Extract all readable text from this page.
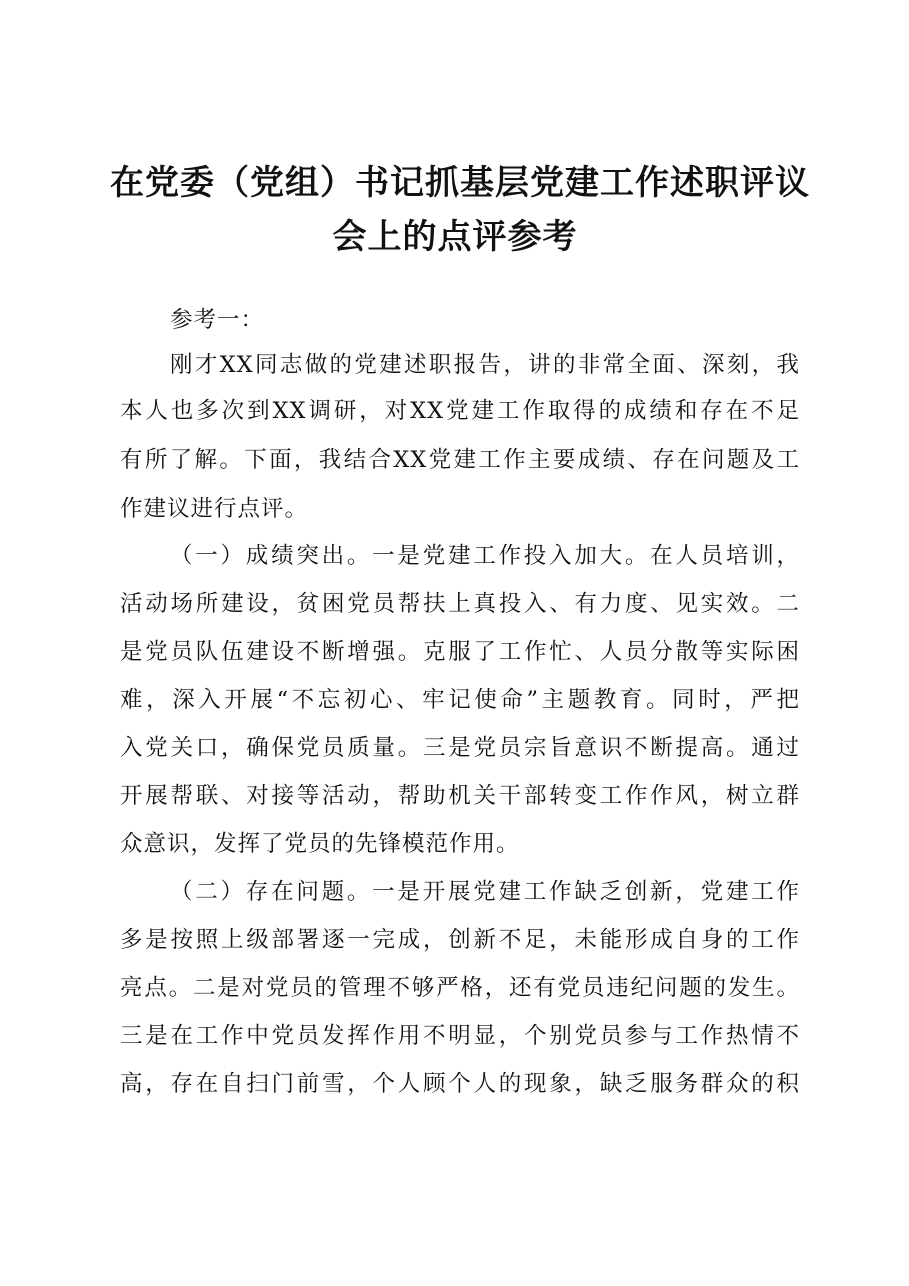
在党委（党组）书记抓基层党建工作述职评议
会上的点评参考
参考一：
刚才XX同志做的党建述职报告，讲的非常全面、深刻，我
本人也多次到XX调研，对XX党建工作取得的成绩和存在不足
有所了解。下面，我结合XX党建工作主要成绩、存在问题及工
作建议进行点评。
（一）成绩突出。一是党建工作投入加大。在人员培训，
活动场所建设，贫困党员帮扶上真投入、有力度、见实效。二
是党员队伍建设不断增强。克服了工作忙、人员分散等实际困
难，深入开展“不忘初心、牢记使命”主题教育。同时，严把
入党关口，确保党员质量。三是党员宗旨意识不断提高。通过
开展帮联、对接等活动，帮助机关干部转变工作作风，树立群
众意识，发挥了党员的先锋模范作用。
（二）存在问题。一是开展党建工作缺乏创新，党建工作
多是按照上级部署逐一完成，创新不足，未能形成自身的工作
亮点。二是对党员的管理不够严格，还有党员违纪问题的发生。
三是在工作中党员发挥作用不明显，个别党员参与工作热情不
高，存在自扫门前雪，个人顾个人的现象，缺乏服务群众的积
